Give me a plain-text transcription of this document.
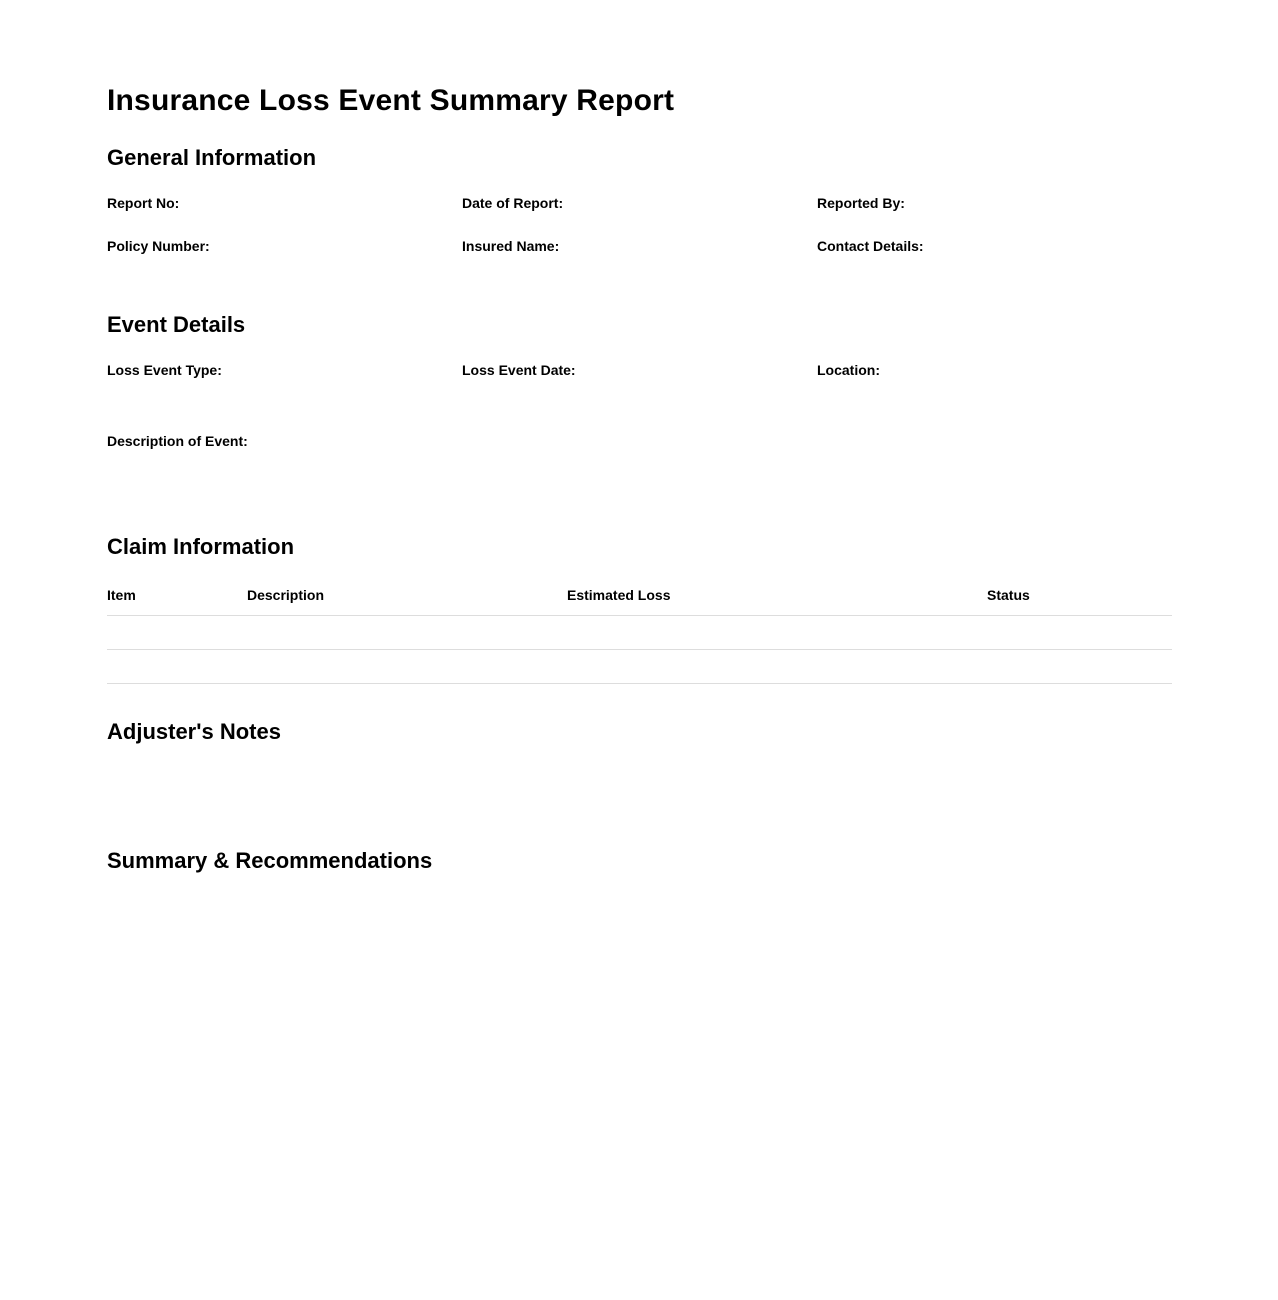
Insurance Loss Event Summary Report
General Information
Report No:	Date of Report:	Reported By:
Policy Number:	Insured Name:	Contact Details:
Event Details
Loss Event Type:	Loss Event Date:	Location:
Description of Event:
Claim Information
Item	Description	Estimated Loss	Status

Adjuster's Notes
Summary & Recommendations
